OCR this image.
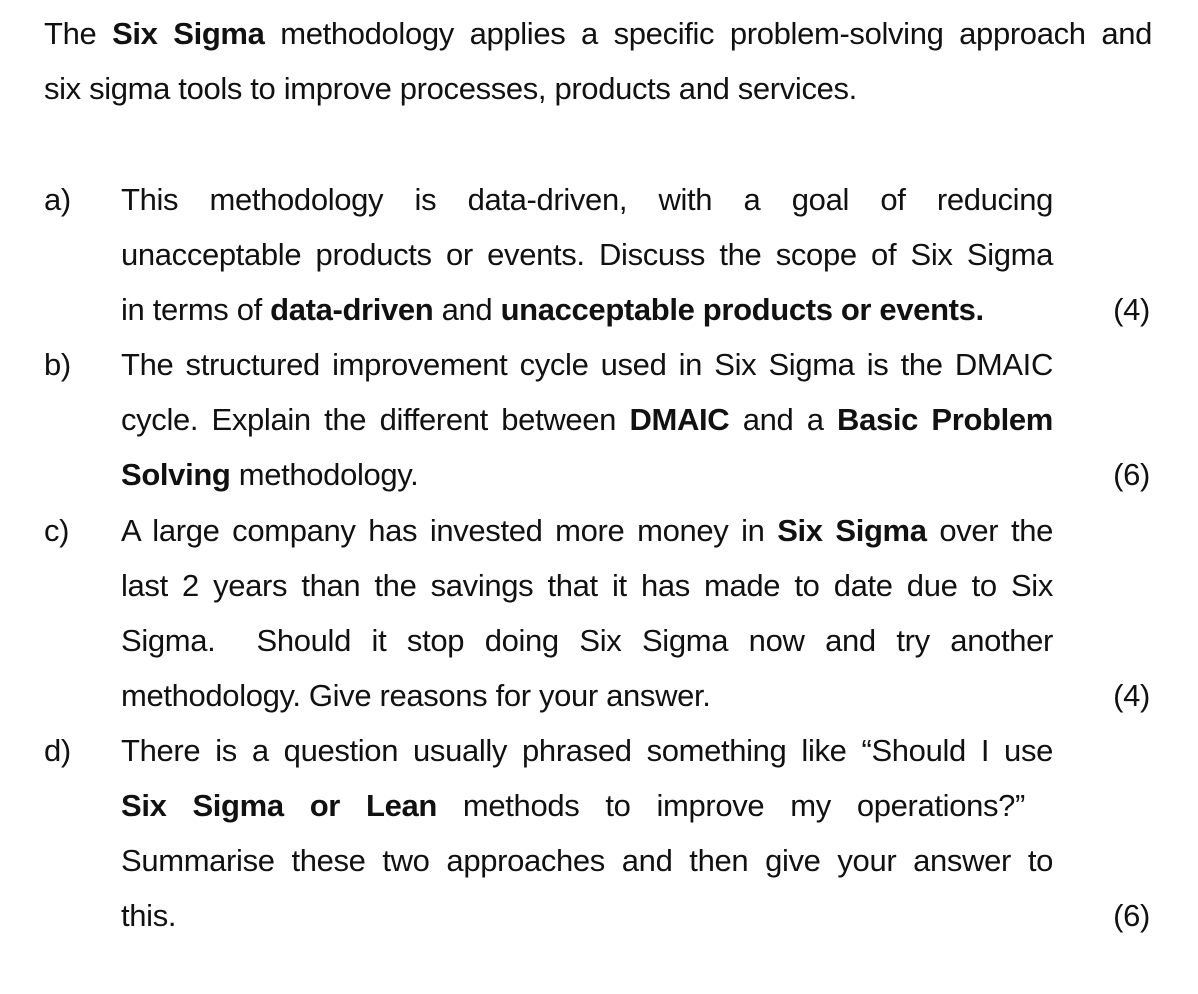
The Six Sigma methodology applies a specific problem-solving approach and
six sigma tools to improve processes, products and services.
a) This methodology is data-driven, with a goal of reducing
unacceptable products or events. Discuss the scope of Six Sigma
in terms of data-driven and unacceptable products or events.	(4)
b) The structured improvement cycle used in Six Sigma is the DMAIC
cycle. Explain the different between DMAIC and a Basic Problem
Solving methodology.	(6)
c) A large company has invested more money in Six Sigma over the
last 2 years than the savings that it has made to date due to Six
Sigma.  Should it stop doing Six Sigma now and try another
methodology. Give reasons for your answer.	(4)
d) There is a question usually phrased something like “Should I use
Six Sigma or Lean methods to improve my operations?”
Summarise these two approaches and then give your answer to
this.	(6)
